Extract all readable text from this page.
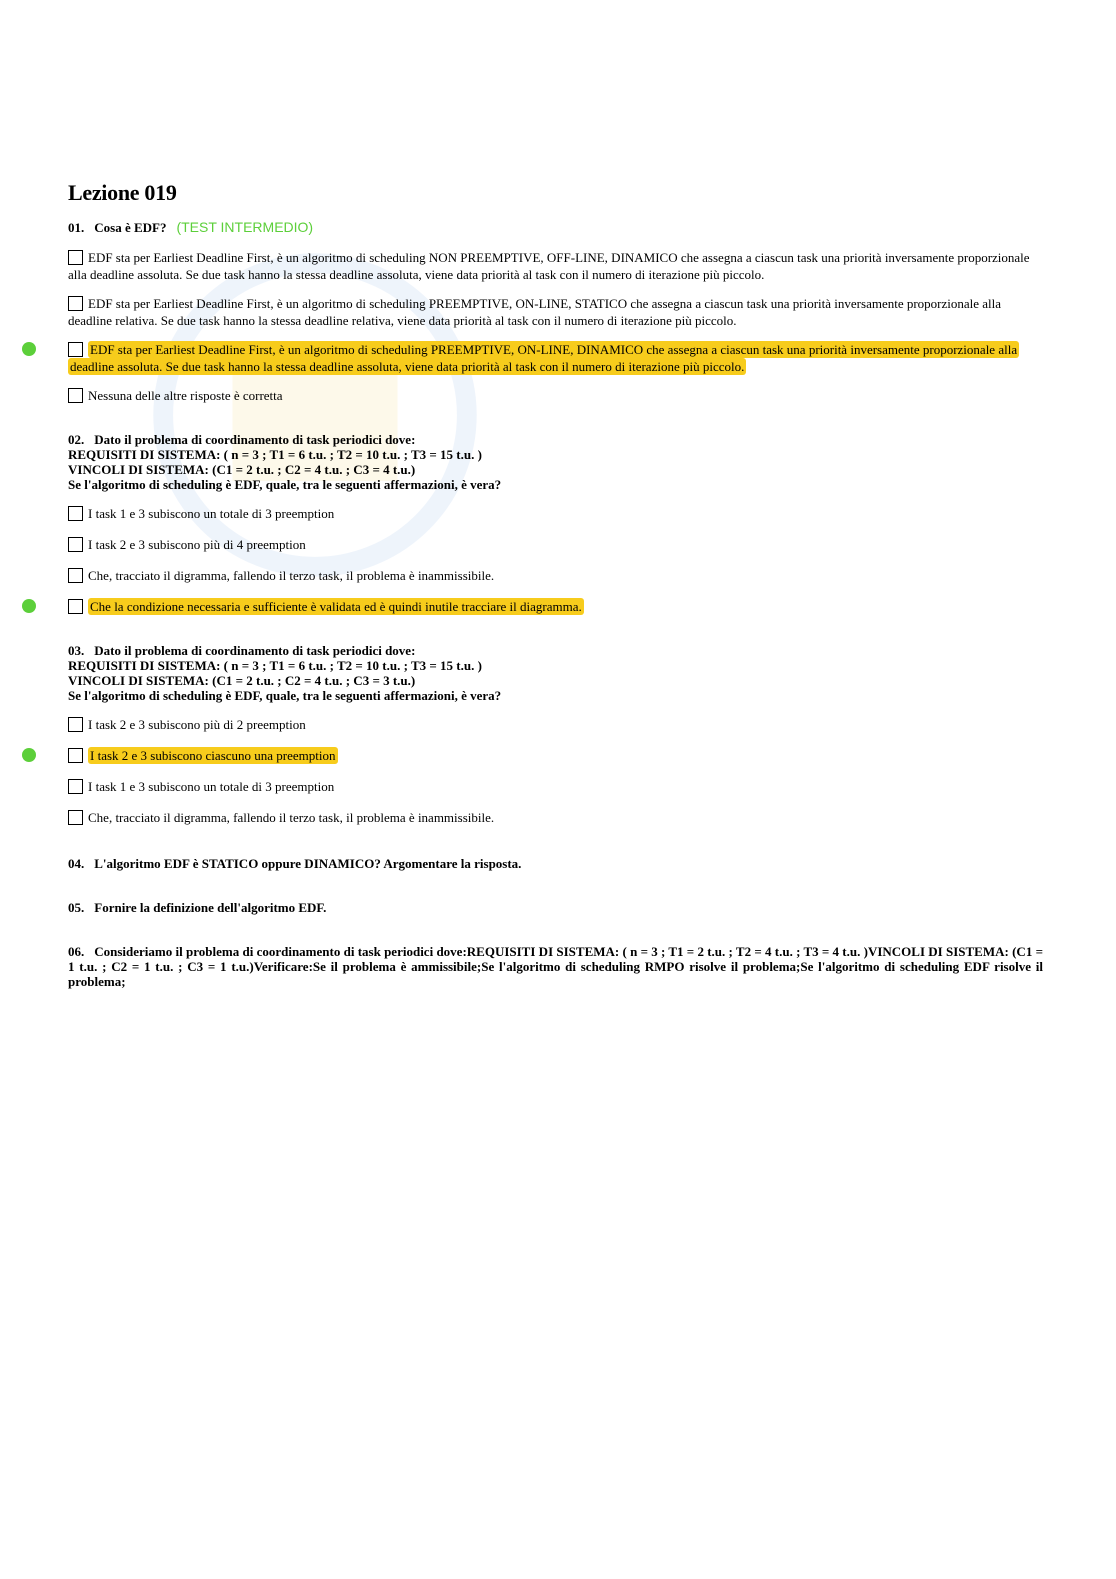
Lezione 019

01. Cosa è EDF? (TEST INTERMEDIO)

EDF sta per Earliest Deadline First, è un algoritmo di scheduling NON PREEMPTIVE, OFF-LINE, DINAMICO che assegna a ciascun task una priorità inversamente proporzionale alla deadline assoluta. Se due task hanno la stessa deadline assoluta, viene data priorità al task con il numero di iterazione più piccolo.

EDF sta per Earliest Deadline First, è un algoritmo di scheduling PREEMPTIVE, ON-LINE, STATICO che assegna a ciascun task una priorità inversamente proporzionale alla deadline relativa. Se due task hanno la stessa deadline relativa, viene data priorità al task con il numero di iterazione più piccolo.

EDF sta per Earliest Deadline First, è un algoritmo di scheduling PREEMPTIVE, ON-LINE, DINAMICO che assegna a ciascun task una priorità inversamente proporzionale alla deadline assoluta. Se due task hanno la stessa deadline assoluta, viene data priorità al task con il numero di iterazione più piccolo.

Nessuna delle altre risposte è corretta

02. Dato il problema di coordinamento di task periodici dove:

REQUISITI DI SISTEMA: ( n = 3 ; T1 = 6 t.u. ; T2 = 10 t.u. ; T3 = 15 t.u. )

VINCOLI DI SISTEMA: (C1 = 2 t.u. ; C2 = 4 t.u. ; C3 = 4 t.u.)

Se l'algoritmo di scheduling è EDF, quale, tra le seguenti affermazioni, è vera?

I task 1 e 3 subiscono un totale di 3 preemption

I task 2 e 3 subiscono più di 4 preemption

Che, tracciato il digramma, fallendo il terzo task, il problema è inammissibile.

Che la condizione necessaria e sufficiente è validata ed è quindi inutile tracciare il diagramma.

03. Dato il problema di coordinamento di task periodici dove:

REQUISITI DI SISTEMA: ( n = 3 ; T1 = 6 t.u. ; T2 = 10 t.u. ; T3 = 15 t.u. )

VINCOLI DI SISTEMA: (C1 = 2 t.u. ; C2 = 4 t.u. ; C3 = 3 t.u.)

Se l'algoritmo di scheduling è EDF, quale, tra le seguenti affermazioni, è vera?

I task 2 e 3 subiscono più di 2 preemption

I task 2 e 3 subiscono ciascuno una preemption

I task 1 e 3 subiscono un totale di 3 preemption

Che, tracciato il digramma, fallendo il terzo task, il problema è inammissibile.

04. L'algoritmo EDF è STATICO oppure DINAMICO? Argomentare la risposta.

05. Fornire la definizione dell'algoritmo EDF.

06. Consideriamo il problema di coordinamento di task periodici dove:REQUISITI DI SISTEMA: ( n = 3 ; T1 = 2 t.u. ; T2 = 4 t.u. ; T3 = 4 t.u. )VINCOLI DI SISTEMA: (C1 = 1 t.u. ; C2 = 1 t.u. ; C3 = 1 t.u.)Verificare:Se il problema è ammissibile;Se l'algoritmo di scheduling RMPO risolve il problema;Se l'algoritmo di scheduling EDF risolve il problema;
